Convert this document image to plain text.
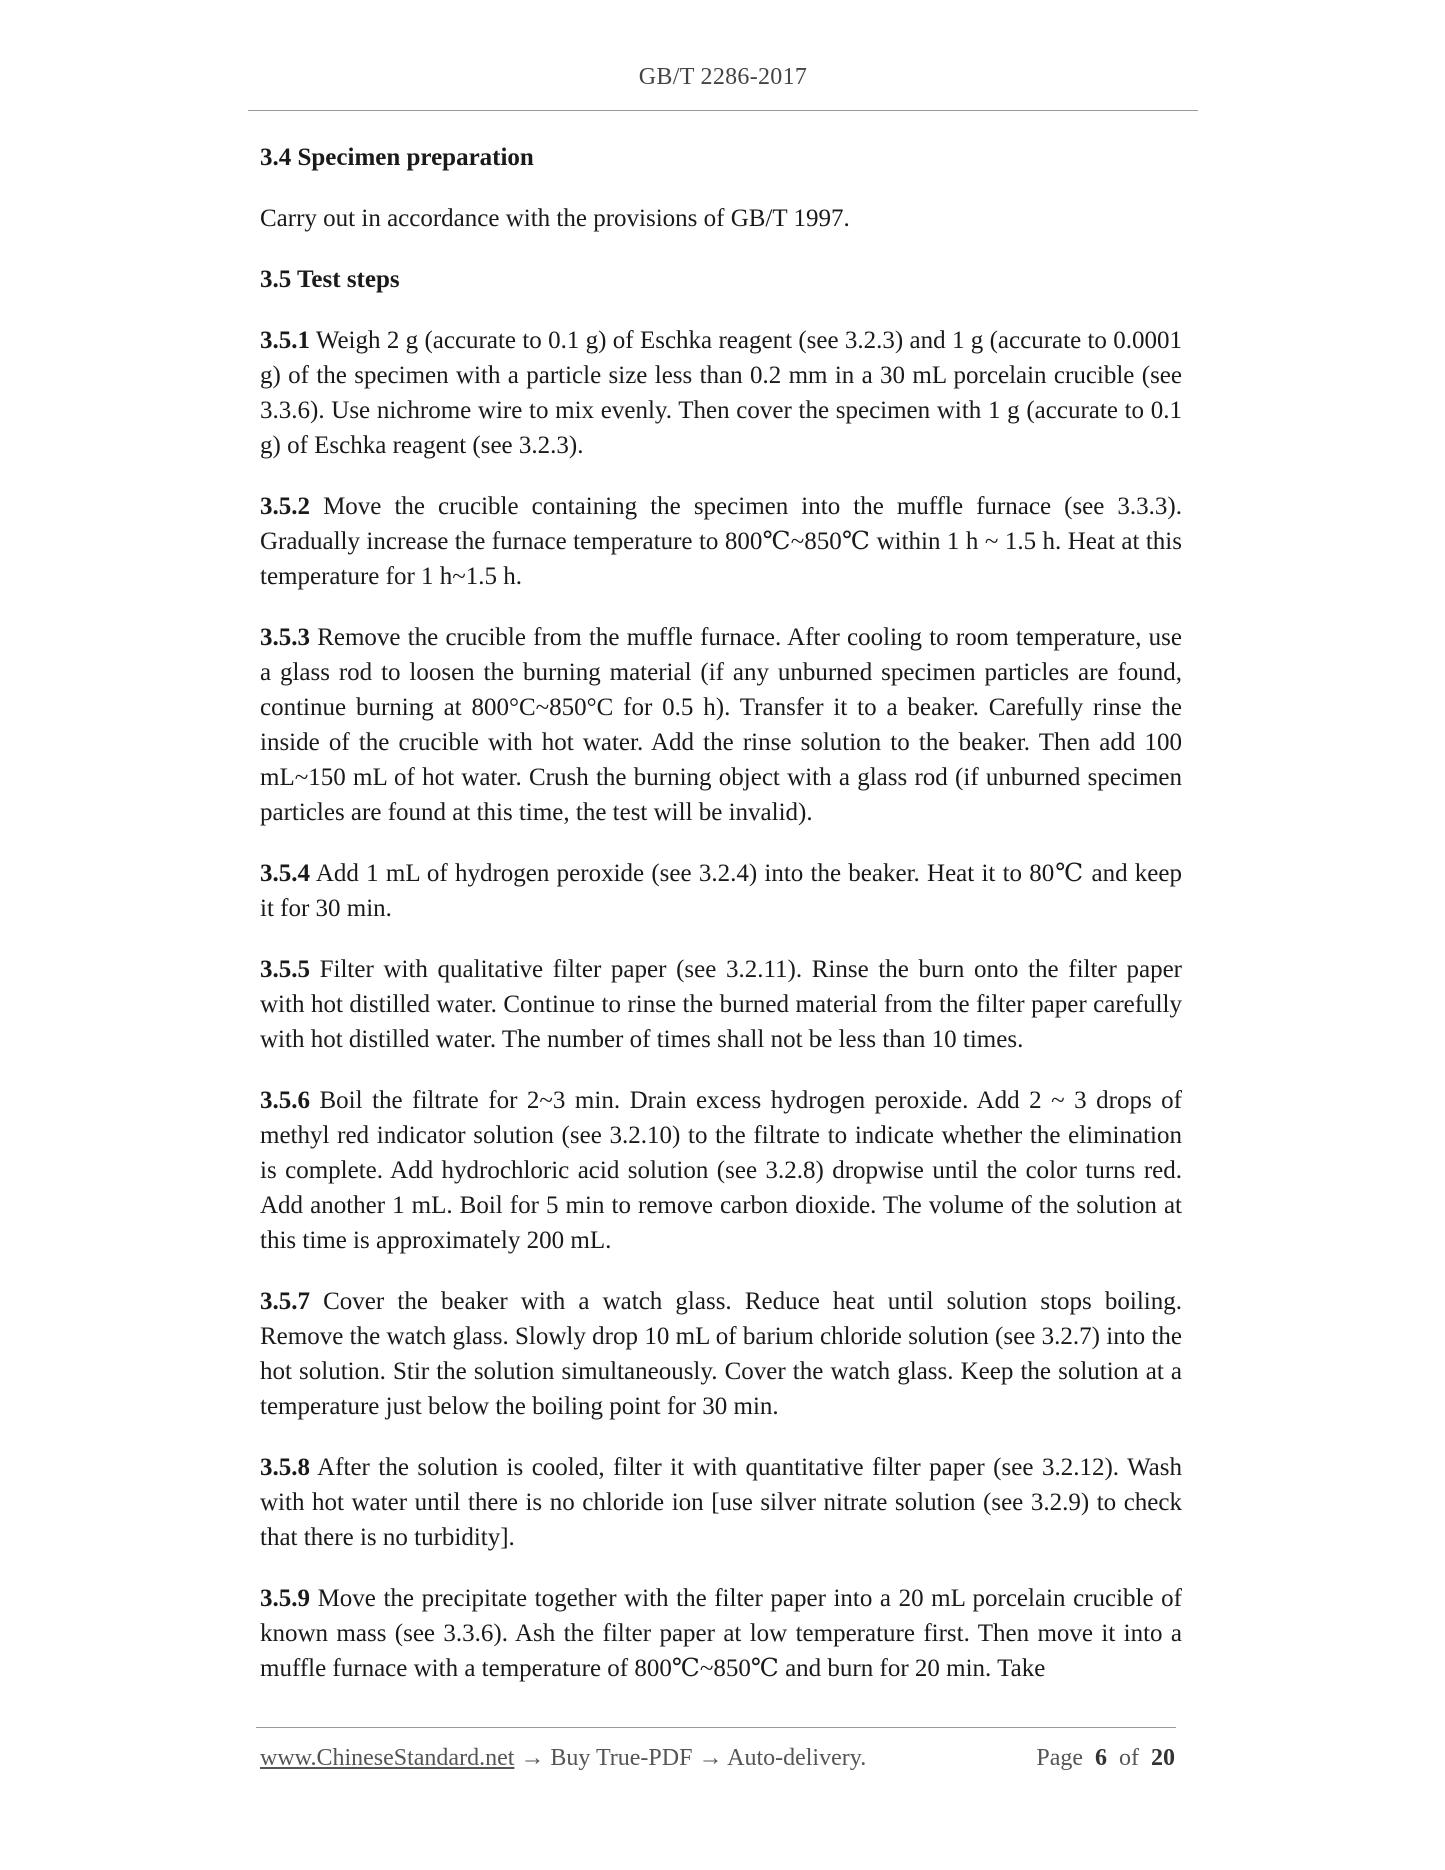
GB/T 2286-2017
3.4 Specimen preparation
Carry out in accordance with the provisions of GB/T 1997.
3.5 Test steps
3.5.1 Weigh 2 g (accurate to 0.1 g) of Eschka reagent (see 3.2.3) and 1 g (accurate to 0.0001 g) of the specimen with a particle size less than 0.2 mm in a 30 mL porcelain crucible (see 3.3.6). Use nichrome wire to mix evenly. Then cover the specimen with 1 g (accurate to 0.1 g) of Eschka reagent (see 3.2.3).
3.5.2 Move the crucible containing the specimen into the muffle furnace (see 3.3.3). Gradually increase the furnace temperature to 800℃~850℃ within 1 h ~ 1.5 h. Heat at this temperature for 1 h~1.5 h.
3.5.3 Remove the crucible from the muffle furnace. After cooling to room temperature, use a glass rod to loosen the burning material (if any unburned specimen particles are found, continue burning at 800°C~850°C for 0.5 h). Transfer it to a beaker. Carefully rinse the inside of the crucible with hot water. Add the rinse solution to the beaker. Then add 100 mL~150 mL of hot water. Crush the burning object with a glass rod (if unburned specimen particles are found at this time, the test will be invalid).
3.5.4 Add 1 mL of hydrogen peroxide (see 3.2.4) into the beaker. Heat it to 80℃ and keep it for 30 min.
3.5.5 Filter with qualitative filter paper (see 3.2.11). Rinse the burn onto the filter paper with hot distilled water. Continue to rinse the burned material from the filter paper carefully with hot distilled water. The number of times shall not be less than 10 times.
3.5.6 Boil the filtrate for 2~3 min. Drain excess hydrogen peroxide. Add 2 ~ 3 drops of methyl red indicator solution (see 3.2.10) to the filtrate to indicate whether the elimination is complete. Add hydrochloric acid solution (see 3.2.8) dropwise until the color turns red. Add another 1 mL. Boil for 5 min to remove carbon dioxide. The volume of the solution at this time is approximately 200 mL.
3.5.7 Cover the beaker with a watch glass. Reduce heat until solution stops boiling. Remove the watch glass. Slowly drop 10 mL of barium chloride solution (see 3.2.7) into the hot solution. Stir the solution simultaneously. Cover the watch glass. Keep the solution at a temperature just below the boiling point for 30 min.
3.5.8 After the solution is cooled, filter it with quantitative filter paper (see 3.2.12). Wash with hot water until there is no chloride ion [use silver nitrate solution (see 3.2.9) to check that there is no turbidity].
3.5.9 Move the precipitate together with the filter paper into a 20 mL porcelain crucible of known mass (see 3.3.6). Ash the filter paper at low temperature first. Then move it into a muffle furnace with a temperature of 800℃~850℃ and burn for 20 min. Take
www.ChineseStandard.net → Buy True-PDF → Auto-delivery.	Page 6 of 20
